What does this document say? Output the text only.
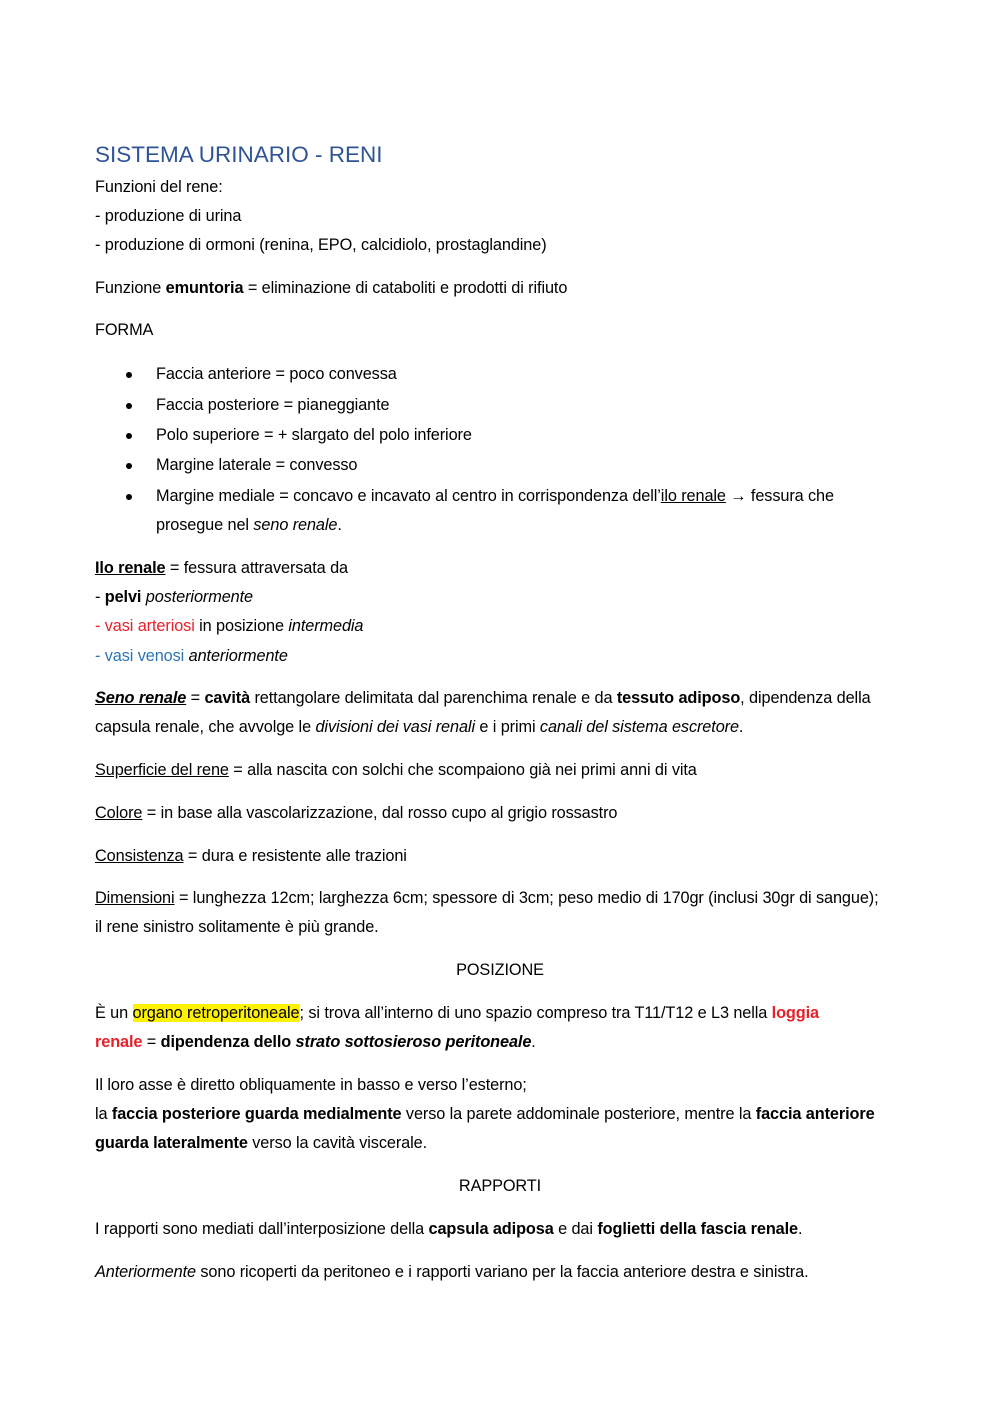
SISTEMA URINARIO - RENI
Funzioni del rene:
- produzione di urina
- produzione di ormoni (renina, EPO, calcidiolo, prostaglandine)
Funzione emuntoria = eliminazione di cataboliti e prodotti di rifiuto
FORMA
Faccia anteriore = poco convessa
Faccia posteriore = pianeggiante
Polo superiore = + slargato del polo inferiore
Margine laterale = convesso
Margine mediale = concavo e incavato al centro in corrispondenza dell’ilo renale → fessura che
prosegue nel seno renale.
Ilo renale = fessura attraversata da
- pelvi posteriormente
- vasi arteriosi in posizione intermedia
- vasi venosi anteriormente
Seno renale = cavità rettangolare delimitata dal parenchima renale e da tessuto adiposo, dipendenza della
capsula renale, che avvolge le divisioni dei vasi renali e i primi canali del sistema escretore.
Superficie del rene = alla nascita con solchi che scompaiono già nei primi anni di vita
Colore = in base alla vascolarizzazione, dal rosso cupo al grigio rossastro
Consistenza = dura e resistente alle trazioni
Dimensioni = lunghezza 12cm; larghezza 6cm; spessore di 3cm; peso medio di 170gr (inclusi 30gr di sangue);
il rene sinistro solitamente è più grande.
POSIZIONE
È un organo retroperitoneale; si trova all’interno di uno spazio compreso tra T11/T12 e L3 nella loggia
renale = dipendenza dello strato sottosieroso peritoneale.
Il loro asse è diretto obliquamente in basso e verso l’esterno;
la faccia posteriore guarda medialmente verso la parete addominale posteriore, mentre la faccia anteriore
guarda lateralmente verso la cavità viscerale.
RAPPORTI
I rapporti sono mediati dall’interposizione della capsula adiposa e dai foglietti della fascia renale.
Anteriormente sono ricoperti da peritoneo e i rapporti variano per la faccia anteriore destra e sinistra.
